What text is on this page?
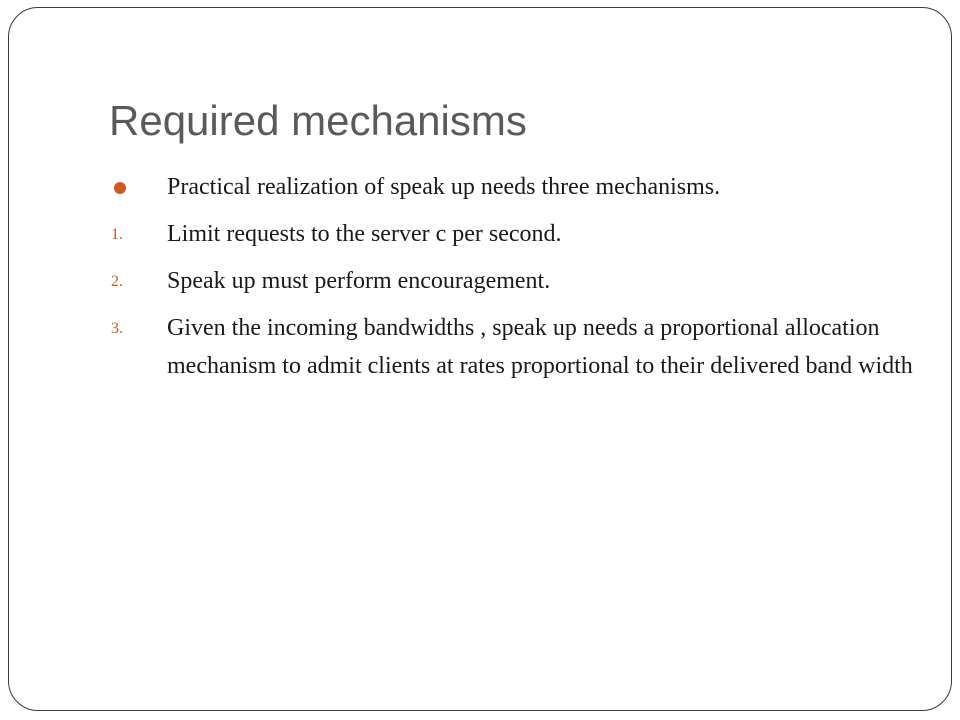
Required mechanisms
Practical realization of speak up needs three mechanisms.
1. Limit requests to the server c per second.
2. Speak up must perform encouragement.
3. Given the incoming bandwidths , speak up needs a proportional allocation mechanism to admit clients at rates proportional to their delivered band width
